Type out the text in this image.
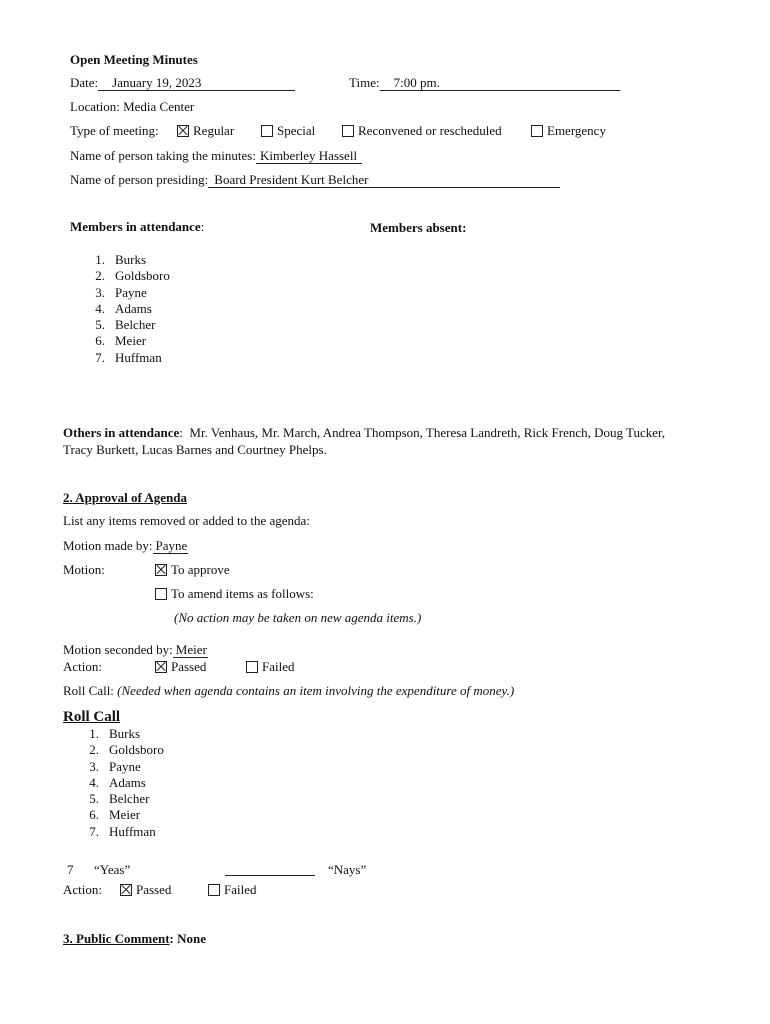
Open Meeting Minutes
Date: January 19, 2023	Time: 7:00 pm.
Location: Media Center
Type of meeting:	Regular	Special	Reconvened or rescheduled	Emergency
Name of person taking the minutes: Kimberley Hassell
Name of person presiding: Board President Kurt Belcher
Members in attendance:	Members absent:
1. Burks
2. Goldsboro
3. Payne
4. Adams
5. Belcher
6. Meier
7. Huffman
Others in attendance:  Mr. Venhaus, Mr. March, Andrea Thompson, Theresa Landreth, Rick French, Doug Tucker, Tracy Burkett, Lucas Barnes and Courtney Phelps.
2. Approval of Agenda
List any items removed or added to the agenda:
Motion made by: Payne
Motion:	To approve
To amend items as follows:
(No action may be taken on new agenda items.)
Motion seconded by: Meier
Action:	Passed	Failed
Roll Call: (Needed when agenda contains an item involving the expenditure of money.)
Roll Call
1. Burks
2. Goldsboro
3. Payne
4. Adams
5. Belcher
6. Meier
7. Huffman
7 “Yeas”	“Nays”
Action:	Passed	Failed
3. Public Comment: None
